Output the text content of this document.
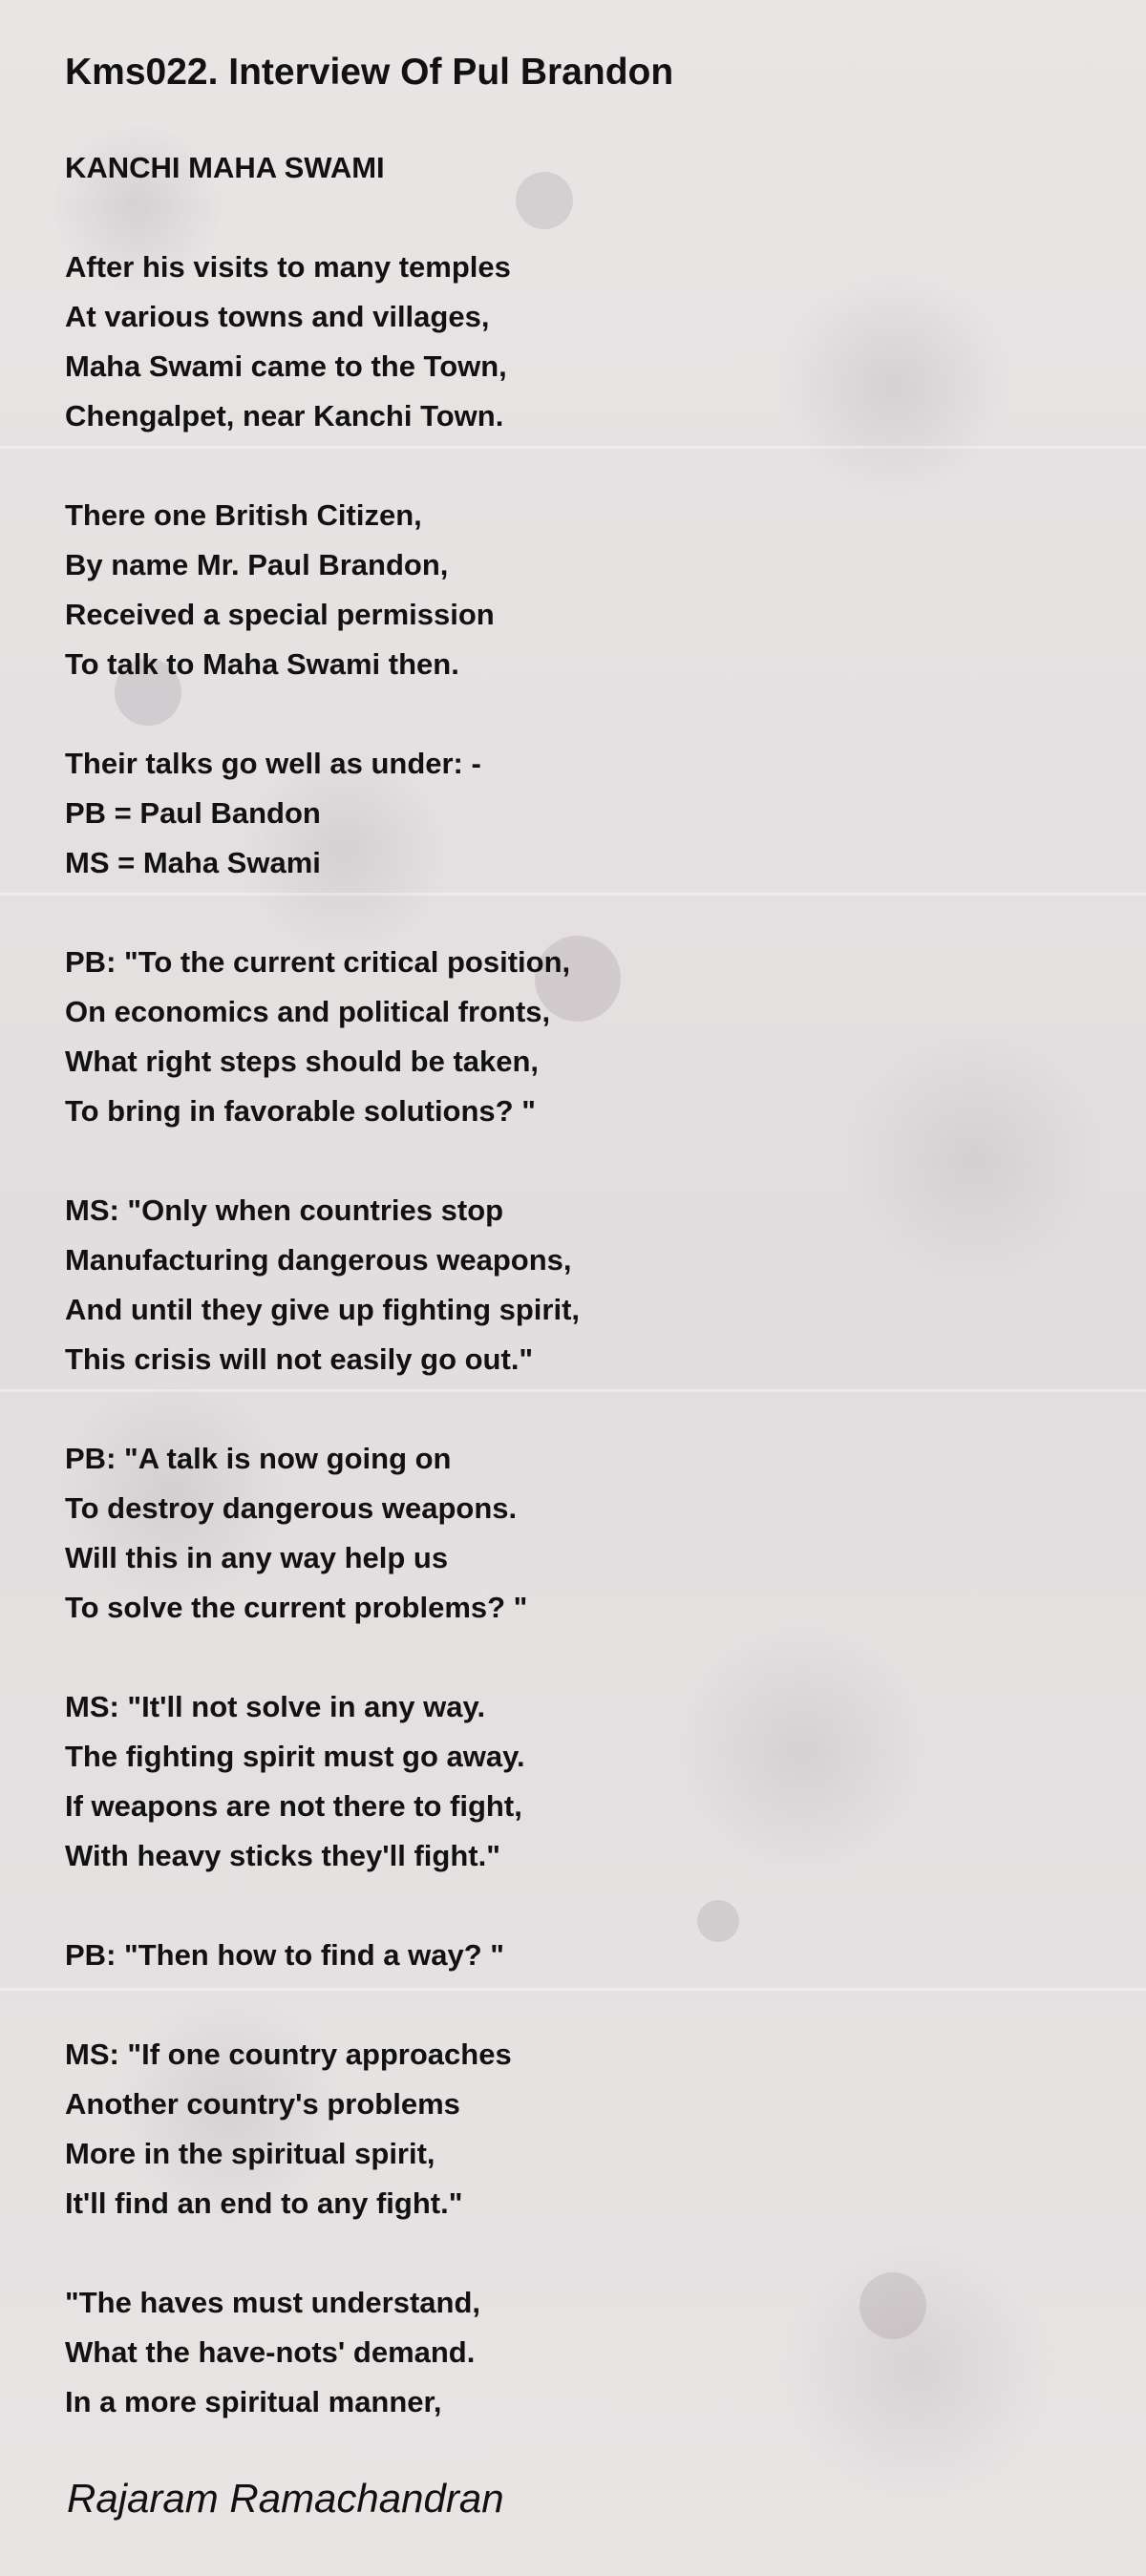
Kms022. Interview Of Pul Brandon
KANCHI MAHA SWAMI
After his visits to many temples
At various towns and villages,
Maha Swami came to the Town,
Chengalpet, near Kanchi Town.
There one British Citizen,
By name Mr. Paul Brandon,
Received a special permission
To talk to Maha Swami then.
Their talks go well as under: -
PB = Paul Bandon
MS = Maha Swami
PB: "To the current critical position,
On economics and political fronts,
What right steps should be taken,
To bring in favorable solutions? "
MS: "Only when countries stop
Manufacturing dangerous weapons,
And until they give up fighting spirit,
This crisis will not easily go out."
PB: "A talk is now going on
To destroy dangerous weapons.
Will this in any way help us
To solve the current problems? "
MS: "It'll not solve in any way.
The fighting spirit must go away.
If weapons are not there to fight,
With heavy sticks they'll fight."
PB: "Then how to find a way? "
MS: "If one country approaches
Another country's problems
More in the spiritual spirit,
It'll find an end to any fight."
"The haves must understand,
What the have-nots' demand.
In a more spiritual manner,
Rajaram Ramachandran
